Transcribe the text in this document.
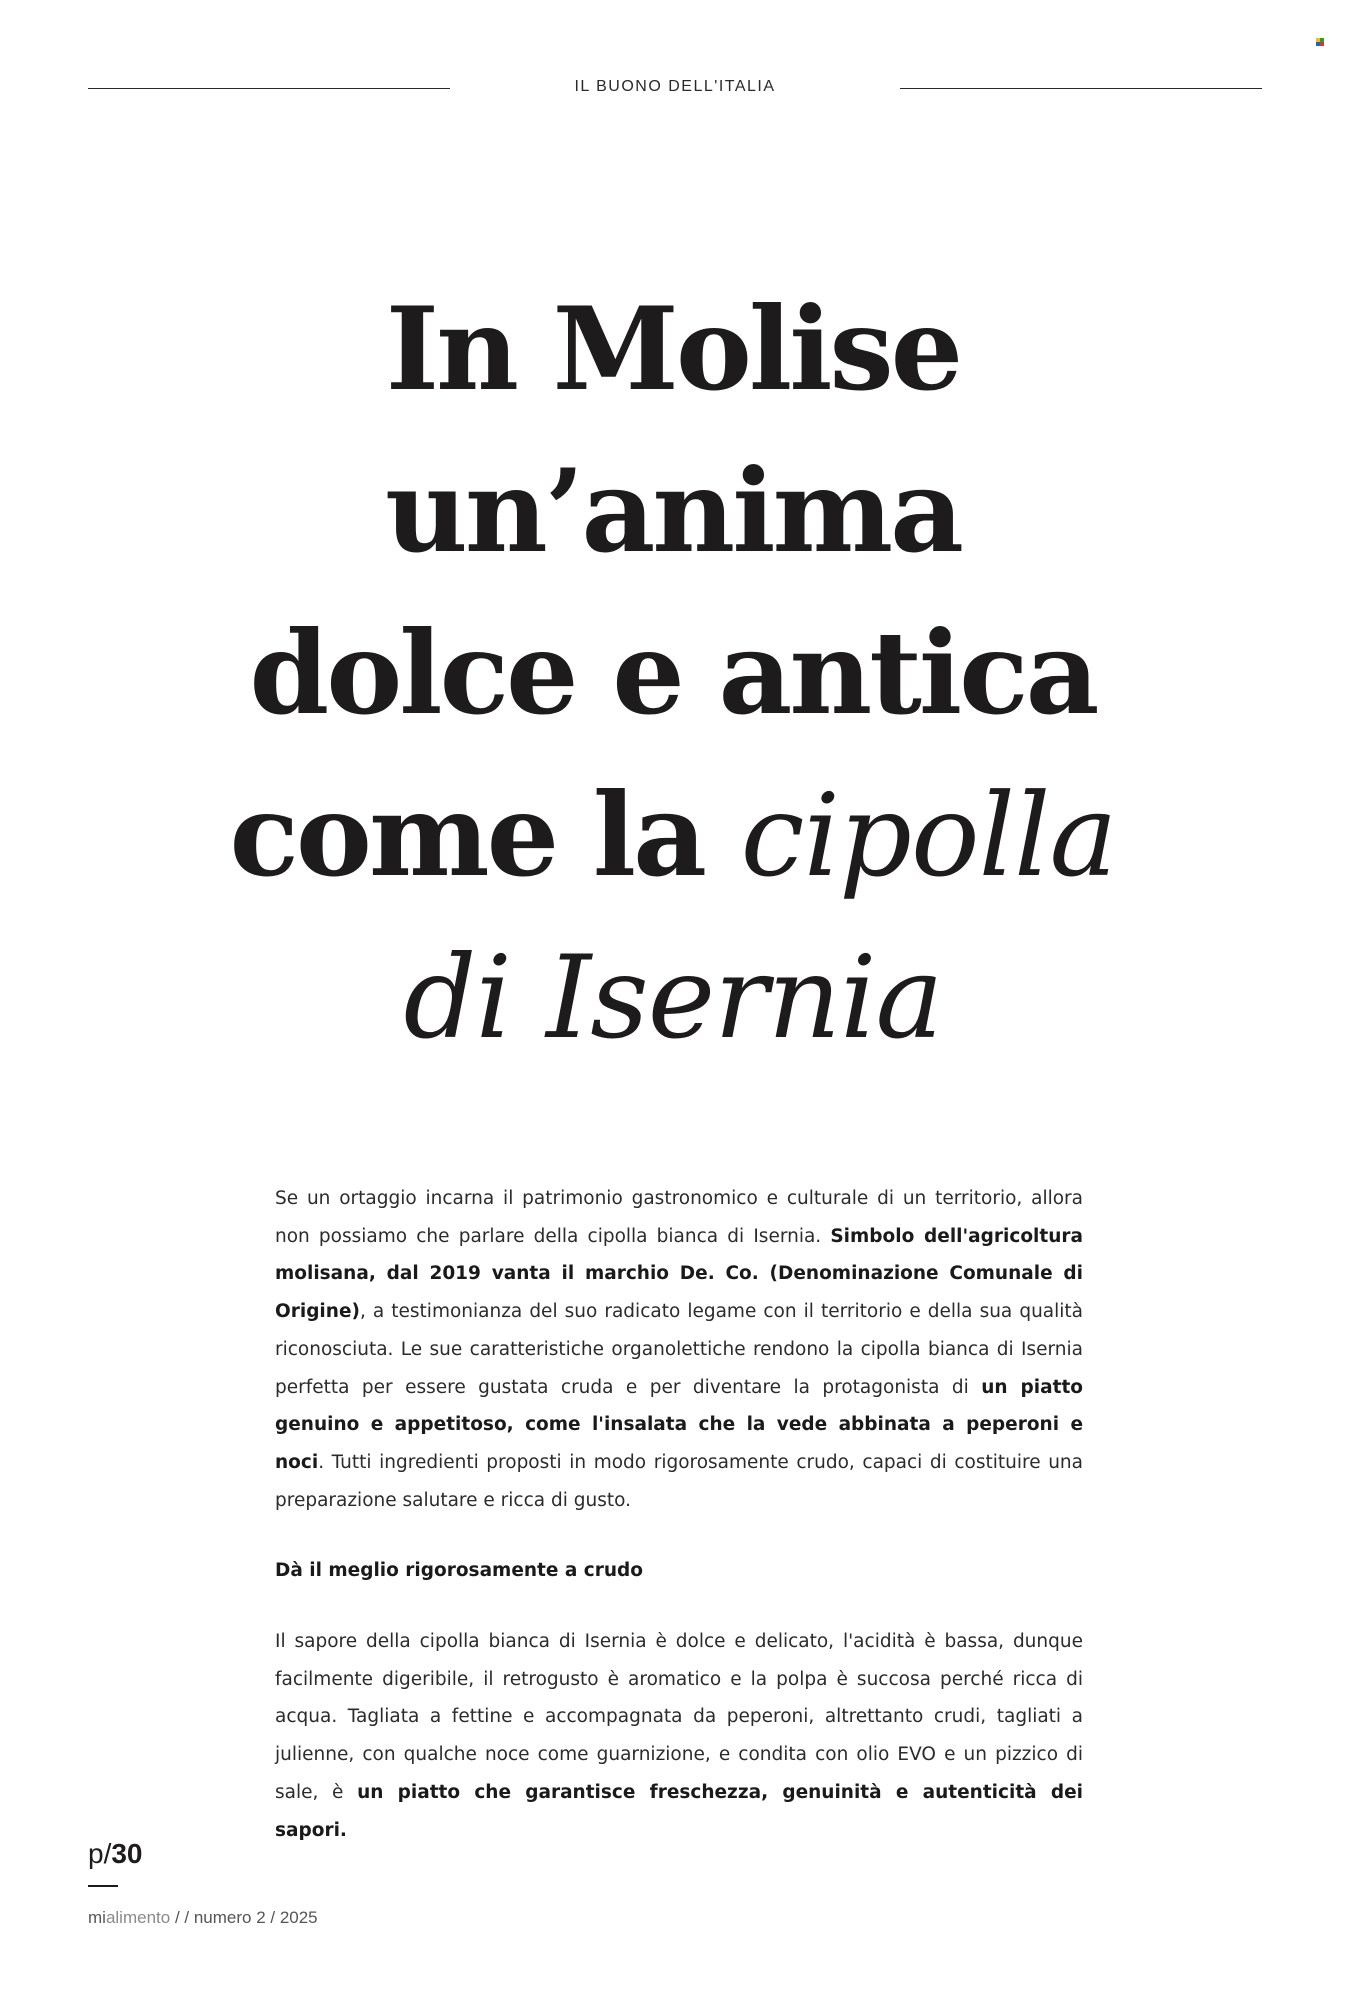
IL BUONO DELL'ITALIA
In Molise
un’anima
dolce e antica
come la cipolla
di Isernia

Se un ortaggio incarna il patrimonio gastronomico e culturale di un territorio, allora non possiamo che parlare della cipolla bianca di Isernia. Simbolo dell'agricoltura molisana, dal 2019 vanta il marchio De. Co. (Denominazione Comunale di Origine), a testimonianza del suo radicato legame con il territorio e della sua qualità riconosciuta. Le sue caratteristiche organolettiche rendono la cipolla bianca di Isernia perfetta per essere gustata cruda e per diventare la protagonista di un piatto genuino e appetitoso, come l'insalata che la vede abbinata a peperoni e noci. Tutti ingredienti proposti in modo rigorosamente crudo, capaci di costituire una preparazione salutare e ricca di gusto.

Dà il meglio rigorosamente a crudo

Il sapore della cipolla bianca di Isernia è dolce e delicato, l'acidità è bassa, dunque facilmente digeribile, il retrogusto è aromatico e la polpa è succosa perché ricca di acqua. Tagliata a fettine e accompagnata da peperoni, altrettanto crudi, tagliati a julienne, con qualche noce come guarnizione, e condita con olio EVO e un pizzico di sale, è un piatto che garantisce freschezza, genuinità e autenticità dei sapori.

p/30
mialimento / / numero 2 / 2025
